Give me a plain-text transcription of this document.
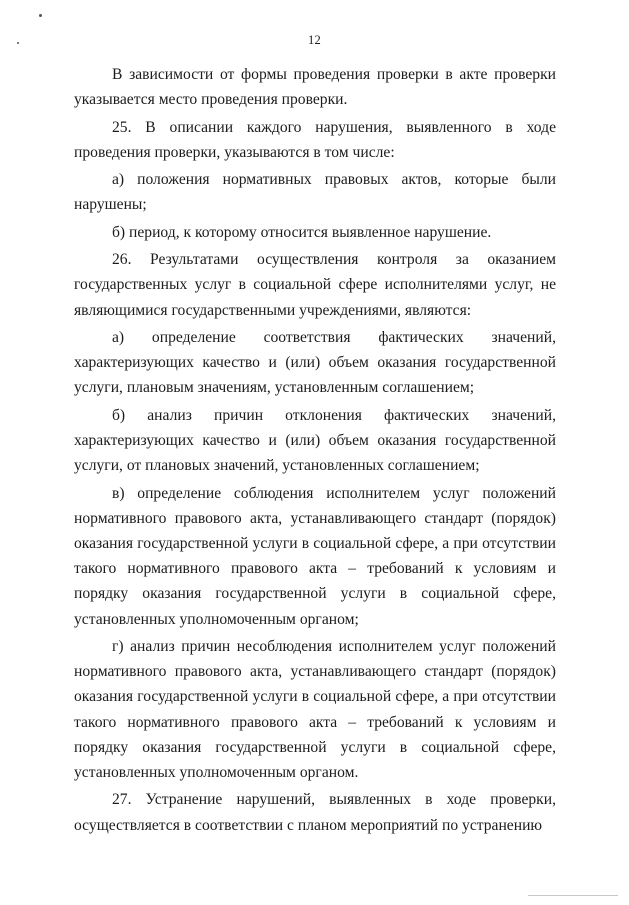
12

В зависимости от формы проведения проверки в акте проверки указывается место проведения проверки.

25. В описании каждого нарушения, выявленного в ходе проведения проверки, указываются в том числе:

а) положения нормативных правовых актов, которые были нарушены;

б) период, к которому относится выявленное нарушение.

26. Результатами осуществления контроля за оказанием государственных услуг в социальной сфере исполнителями услуг, не являющимися государственными учреждениями, являются:

а) определение соответствия фактических значений, характеризующих качество и (или) объем оказания государственной услуги, плановым значениям, установленным соглашением;

б) анализ причин отклонения фактических значений, характеризующих качество и (или) объем оказания государственной услуги, от плановых значений, установленных соглашением;

в) определение соблюдения исполнителем услуг положений нормативного правового акта, устанавливающего стандарт (порядок) оказания государственной услуги в социальной сфере, а при отсутствии такого нормативного правового акта – требований к условиям и порядку оказания государственной услуги в социальной сфере, установленных уполномоченным органом;

г) анализ причин несоблюдения исполнителем услуг положений нормативного правового акта, устанавливающего стандарт (порядок) оказания государственной услуги в социальной сфере, а при отсутствии такого нормативного правового акта – требований к условиям и порядку оказания государственной услуги в социальной сфере, установленных уполномоченным органом.

27. Устранение нарушений, выявленных в ходе проверки, осуществляется в соответствии с планом мероприятий по устранению
